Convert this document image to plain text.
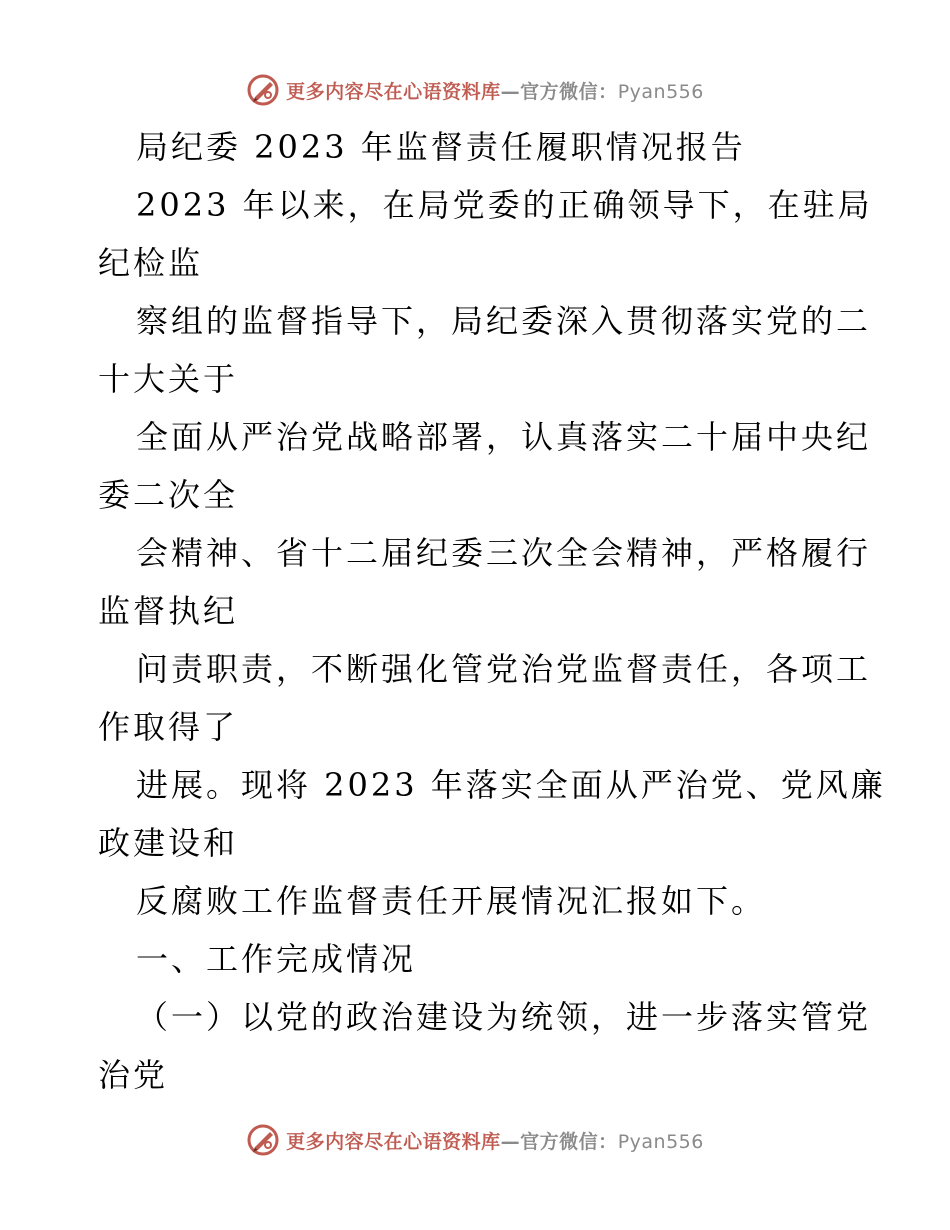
更多内容尽在心语资料库—官方微信：Pyan556
局纪委 2023 年监督责任履职情况报告
2023 年以来，在局党委的正确领导下，在驻局
纪检监
察组的监督指导下，局纪委深入贯彻落实党的二
十大关于
全面从严治党战略部署，认真落实二十届中央纪
委二次全
会精神、省十二届纪委三次全会精神，严格履行
监督执纪
问责职责，不断强化管党治党监督责任，各项工
作取得了
进展。现将 2023 年落实全面从严治党、党风廉
政建设和
反腐败工作监督责任开展情况汇报如下。
一、工作完成情况
（一）以党的政治建设为统领，进一步落实管党
治党
更多内容尽在心语资料库—官方微信：Pyan556
